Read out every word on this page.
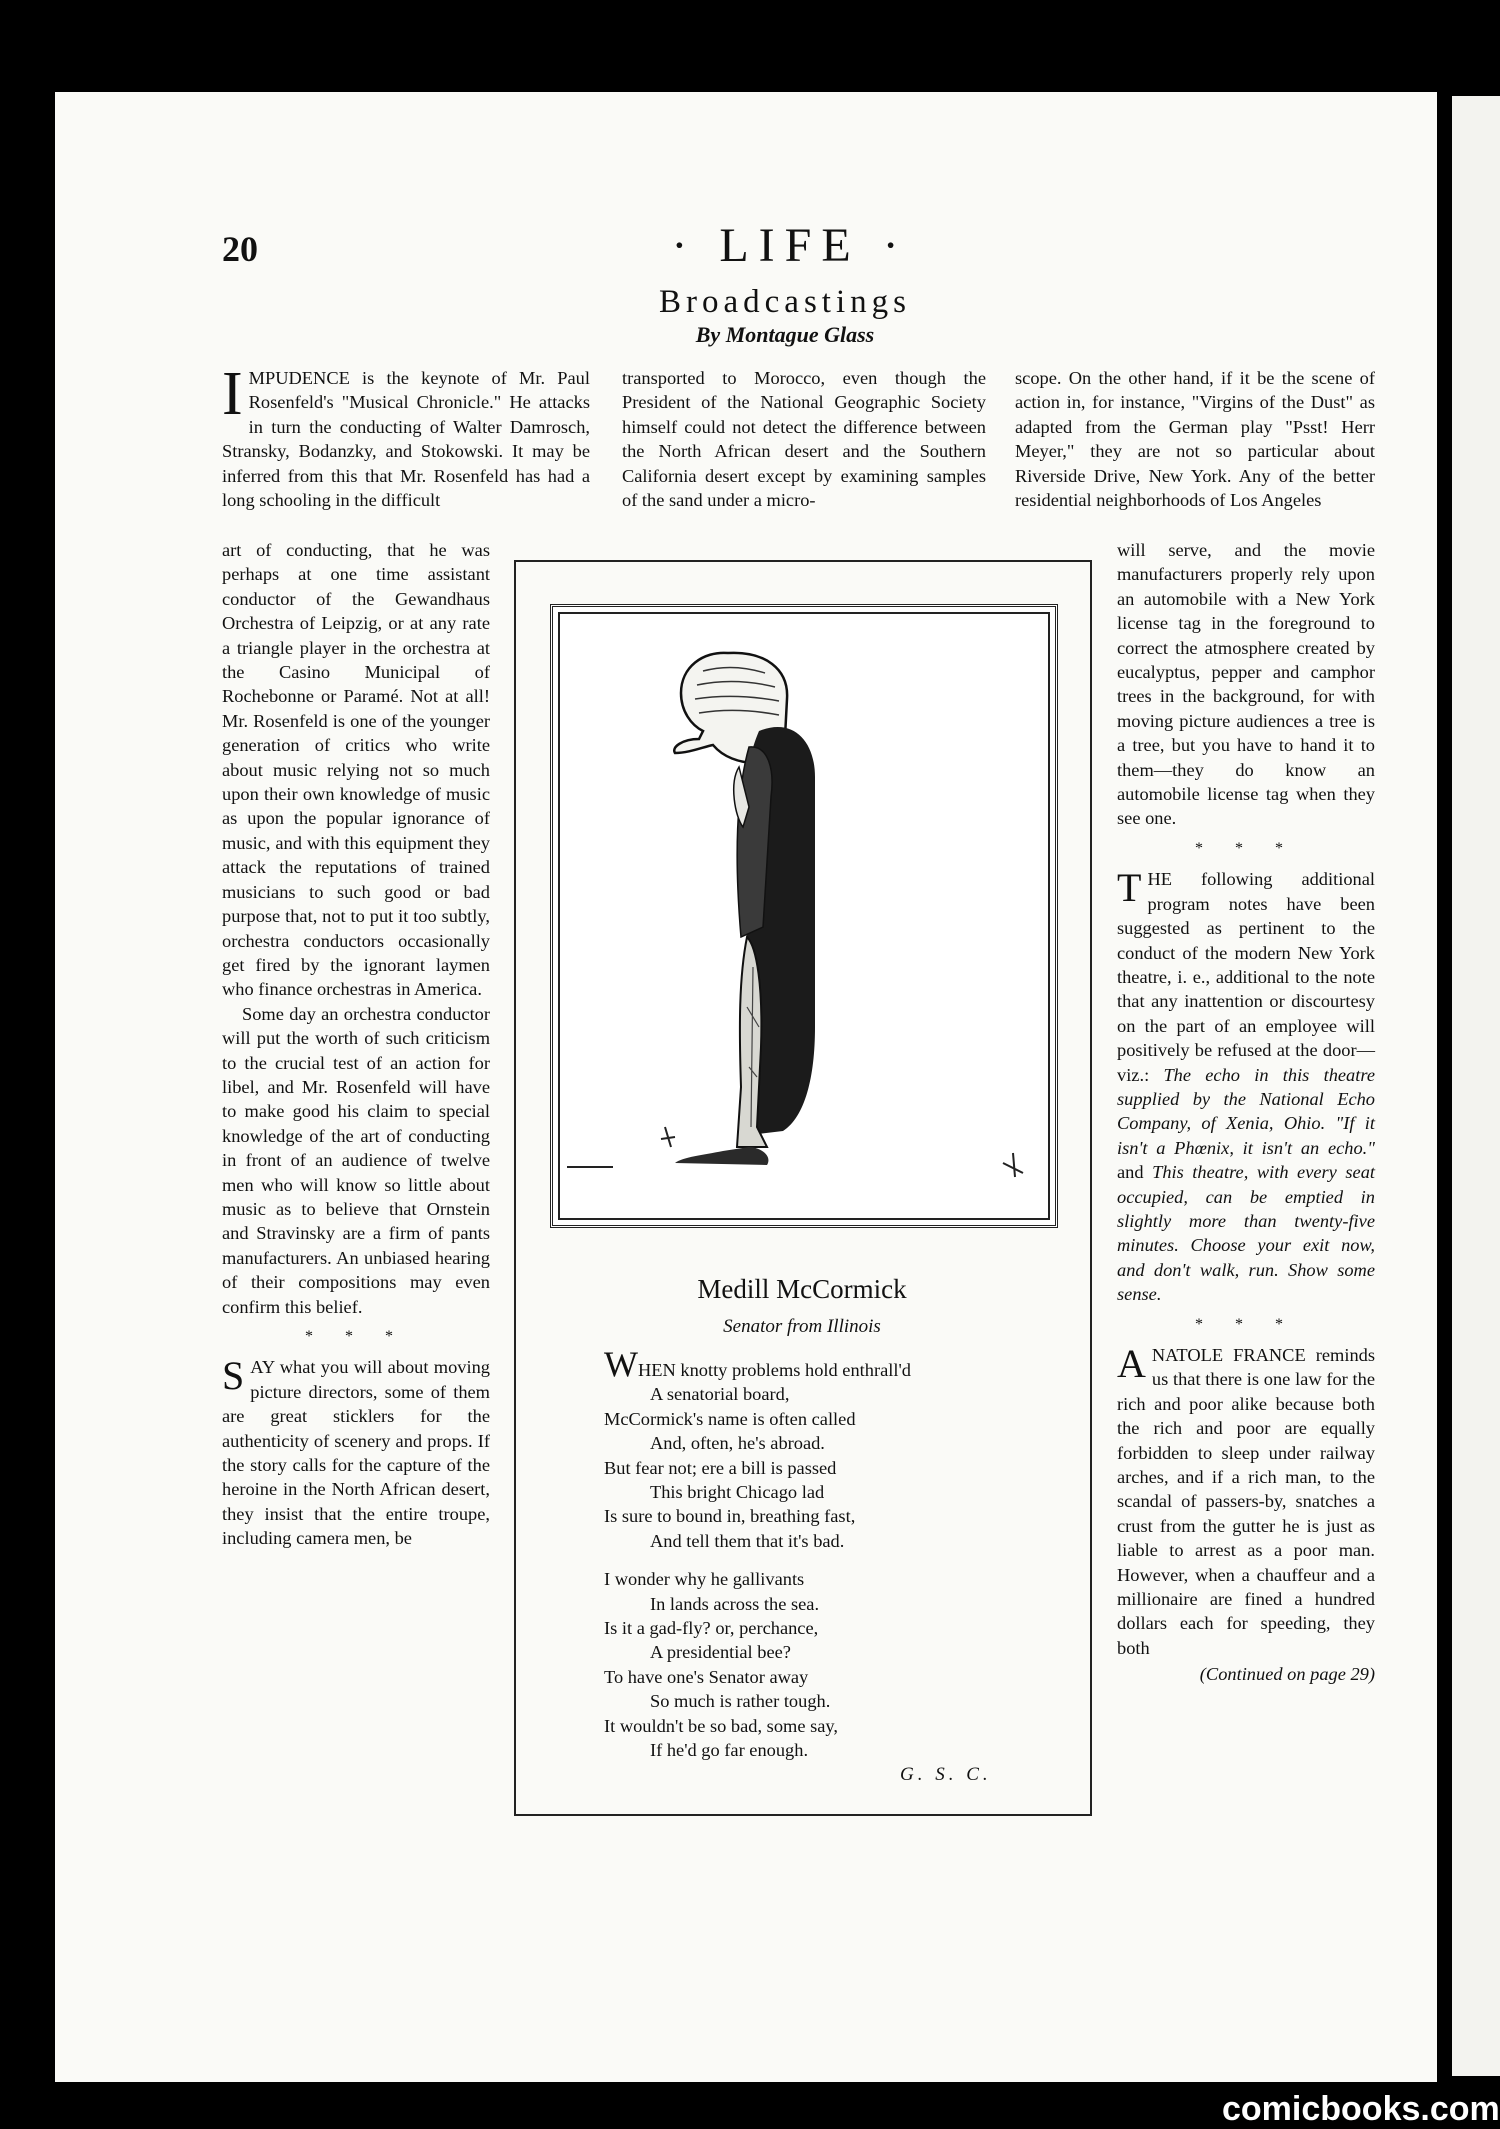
20	· LIFE ·
Broadcastings
By Montague Glass

IMPUDENCE is the keynote of Mr. Paul Rosenfeld's "Musical Chronicle." He attacks in turn the conducting of Walter Damrosch, Stransky, Bodanzky, and Stokowski. It may be inferred from this that Mr. Rosenfeld has had a long schooling in the difficult

art of conducting, that he was perhaps at one time assistant conductor of the Gewandhaus Orchestra of Leipzig, or at any rate a triangle player in the orchestra at the Casino Municipal of Rochebonne or Paramé. Not at all! Mr. Rosenfeld is one of the younger generation of critics who write about music relying not so much upon their own knowledge of music as upon the popular ignorance of music, and with this equipment they attack the reputations of trained musicians to such good or bad purpose that, not to put it too subtly, orchestra conductors occasionally get fired by the ignorant laymen who finance orchestras in America.

Some day an orchestra conductor will put the worth of such criticism to the crucial test of an action for libel, and Mr. Rosenfeld will have to make good his claim to special knowledge of the art of conducting in front of an audience of twelve men who will know so little about music as to believe that Ornstein and Stravinsky are a firm of pants manufacturers. An unbiased hearing of their compositions may even confirm this belief.

* * *

SAY what you will about moving picture directors, some of them are great sticklers for the authenticity of scenery and props. If the story calls for the capture of the heroine in the North African desert, they insist that the entire troupe, including camera men, be

transported to Morocco, even though the President of the National Geographic Society himself could not detect the difference between the North African desert and the Southern California desert except by examining samples of the sand under a micro-

scope. On the other hand, if it be the scene of action in, for instance, "Virgins of the Dust" as adapted from the German play "Psst! Herr Meyer," they are not so particular about Riverside Drive, New York. Any of the better residential neighborhoods of Los Angeles

will serve, and the movie manufacturers properly rely upon an automobile with a New York license tag in the foreground to correct the atmosphere created by eucalyptus, pepper and camphor trees in the background, for with moving picture audiences a tree is a tree, but you have to hand it to them—they do know an automobile license tag when they see one.

* * *

THE following additional program notes have been suggested as pertinent to the conduct of the modern New York theatre, i. e., additional to the note that any inattention or discourtesy on the part of an employee will positively be refused at the door—viz.: The echo in this theatre supplied by the National Echo Company, of Xenia, Ohio. "If it isn't a Phœnix, it isn't an echo." and This theatre, with every seat occupied, can be emptied in slightly more than twenty-five minutes. Choose your exit now, and don't walk, run. Show some sense.

* * *

ANATOLE FRANCE reminds us that there is one law for the rich and poor alike because both the rich and poor are equally forbidden to sleep under railway arches, and if a rich man, to the scandal of passers-by, snatches a crust from the gutter he is just as liable to arrest as a poor man. However, when a chauffeur and a millionaire are fined a hundred dollars each for speeding, they both

(Continued on page 29)
Medill McCormick
Senator from Illinois
WHEN knotty problems hold enthrall'd
A senatorial board,
McCormick's name is often called
And, often, he's abroad.
But fear not; ere a bill is passed
This bright Chicago lad
Is sure to bound in, breathing fast,
And tell them that it's bad.
I wonder why he gallivants
In lands across the sea.
Is it a gad-fly? or, perchance,
A presidential bee?
To have one's Senator away
So much is rather tough.
It wouldn't be so bad, some say,
If he'd go far enough.
G. S. C.
comicbooks.com
